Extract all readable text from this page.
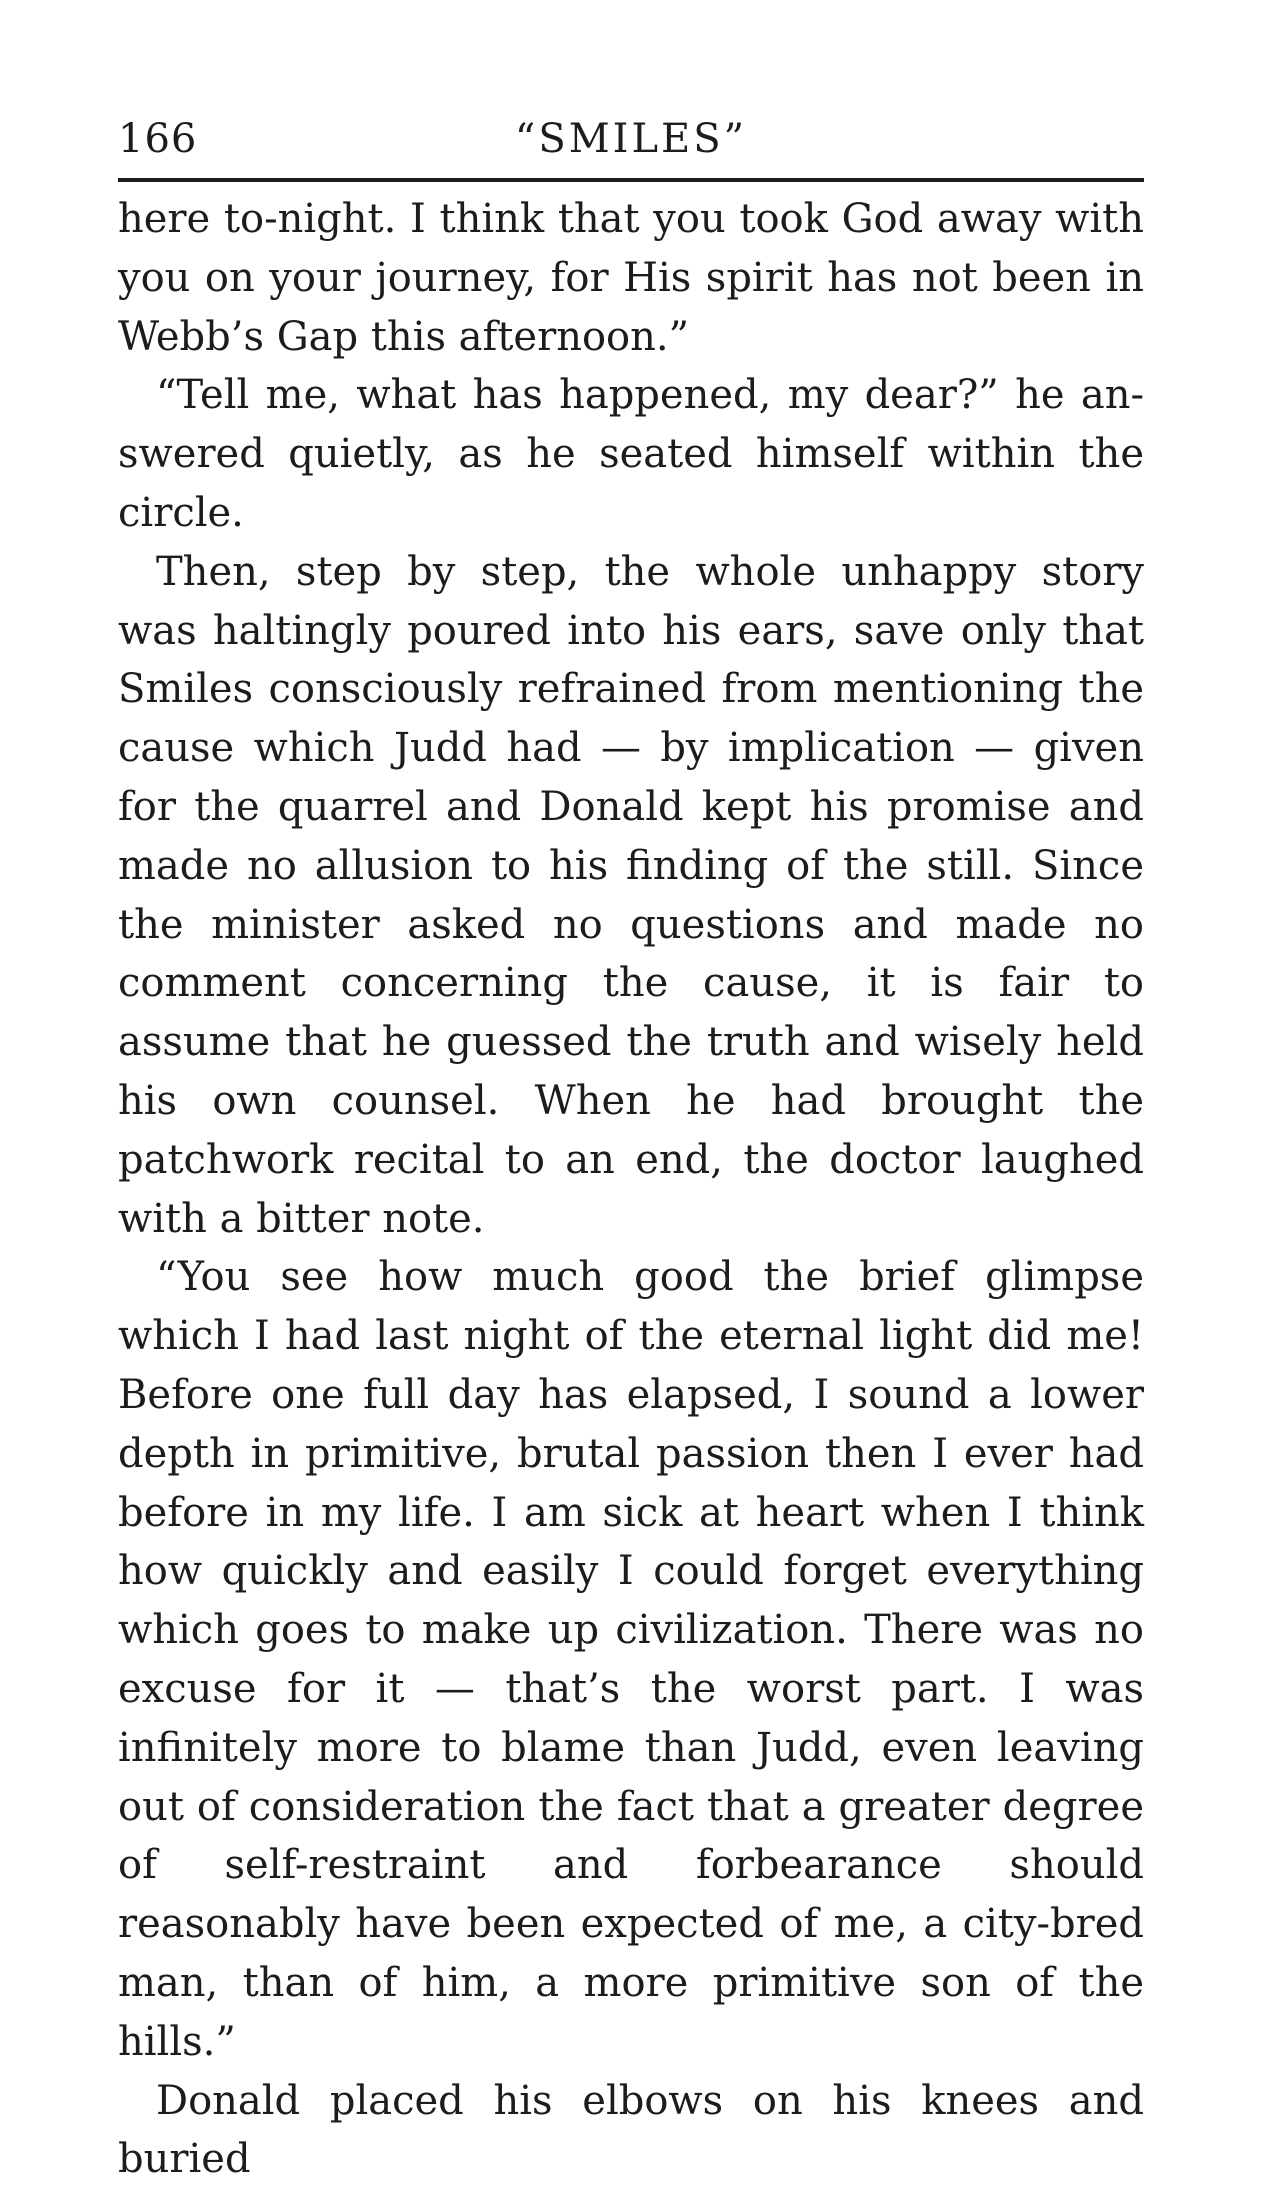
166	“SMILES”

here to-night. I think that you took God away with you on your journey, for His spirit has not been in Webb’s Gap this afternoon.”

“Tell me, what has happened, my dear?” he answered quietly, as he seated himself within the circle.

Then, step by step, the whole unhappy story was haltingly poured into his ears, save only that Smiles consciously refrained from mentioning the cause which Judd had — by implication — given for the quarrel and Donald kept his promise and made no allusion to his finding of the still. Since the minister asked no questions and made no comment concerning the cause, it is fair to assume that he guessed the truth and wisely held his own counsel. When he had brought the patchwork recital to an end, the doctor laughed with a bitter note.

“You see how much good the brief glimpse which I had last night of the eternal light did me! Before one full day has elapsed, I sound a lower depth in primitive, brutal passion then I ever had before in my life. I am sick at heart when I think how quickly and easily I could forget everything which goes to make up civilization. There was no excuse for it — that’s the worst part. I was infinitely more to blame than Judd, even leaving out of consideration the fact that a greater degree of self-restraint and forbearance should reasonably have been expected of me, a city-bred man, than of him, a more primitive son of the hills.”

Donald placed his elbows on his knees and buried
